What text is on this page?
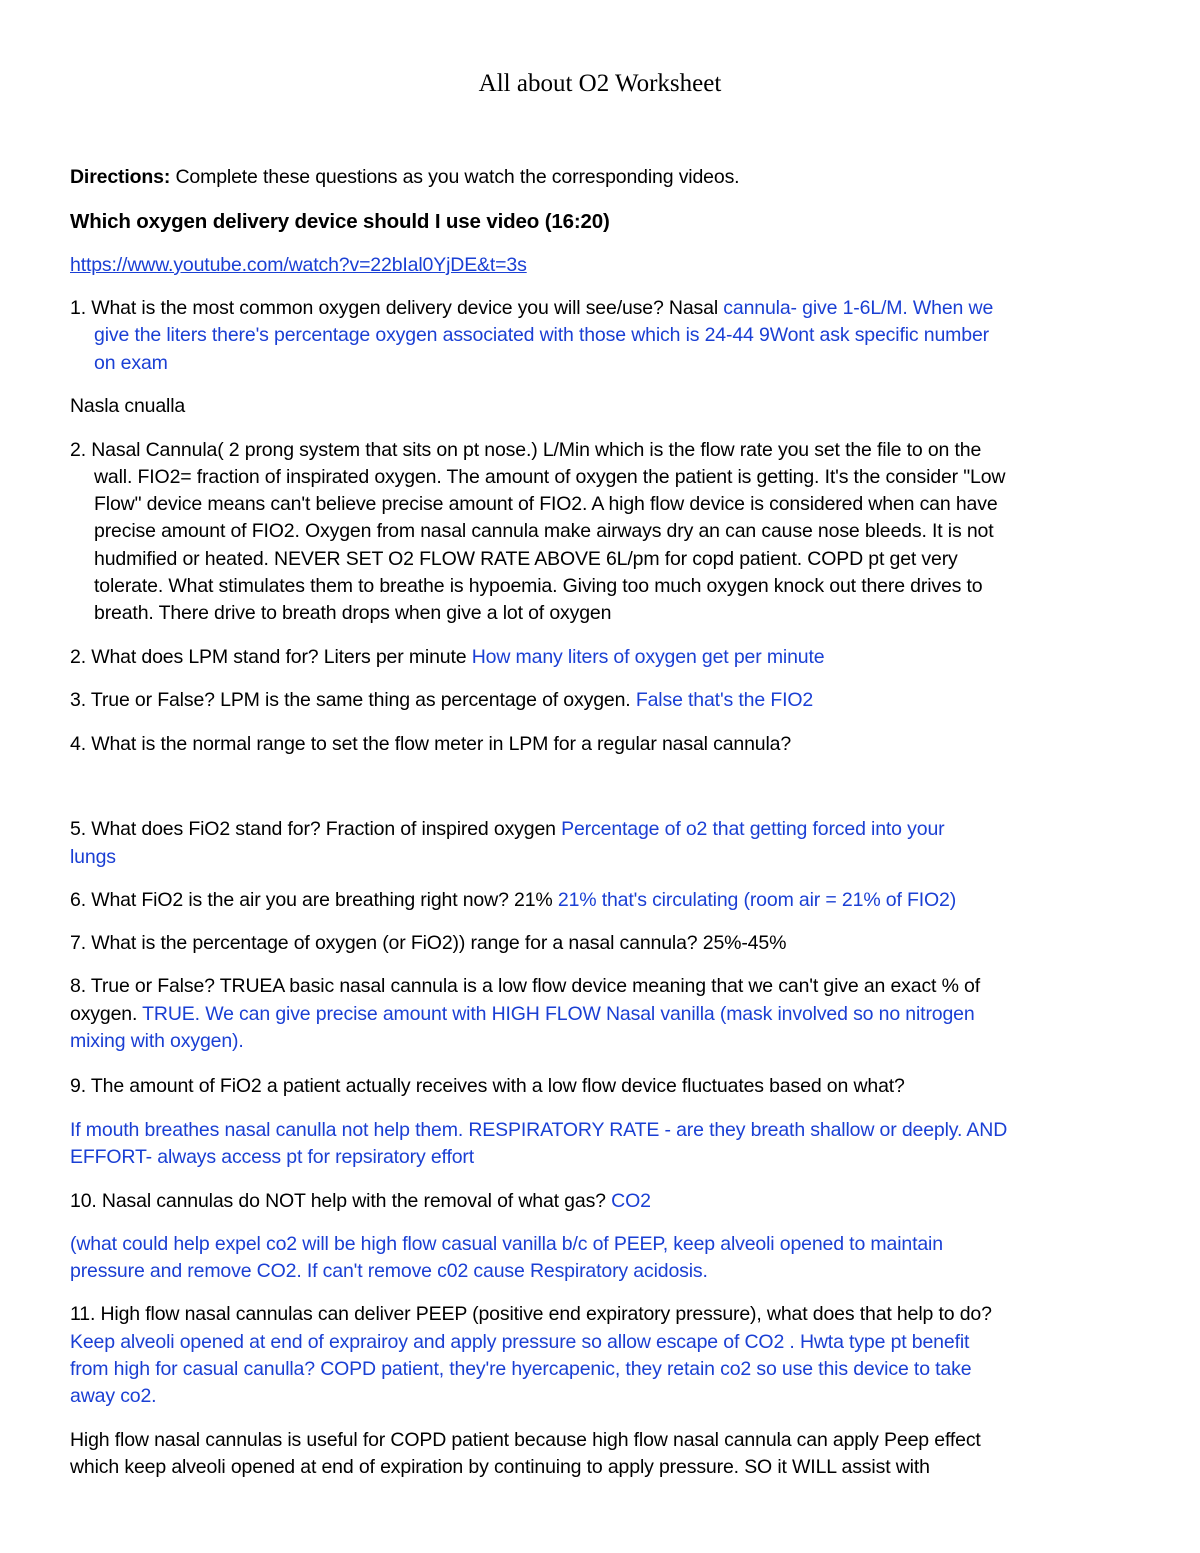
All about O2 Worksheet
Directions: Complete these questions as you watch the corresponding videos.
Which oxygen delivery device should I use video (16:20)
https://www.youtube.com/watch?v=22bIal0YjDE&t=3s
1. What is the most common oxygen delivery device you will see/use? Nasal cannula- give 1-6L/M. When we
give the liters there's percentage oxygen associated with those which is 24-44 9Wont ask specific number
on exam
Nasla cnualla
2. Nasal Cannula( 2 prong system that sits on pt nose.) L/Min which is the flow rate you set the file to on the
wall. FIO2= fraction of inspirated oxygen. The amount of oxygen the patient is getting. It's the consider "Low
Flow" device means can't believe precise amount of FIO2. A high flow device is considered when can have
precise amount of FIO2. Oxygen from nasal cannula make airways dry an can cause nose bleeds. It is not
hudmified or heated. NEVER SET O2 FLOW RATE ABOVE 6L/pm for copd patient. COPD pt get very
tolerate. What stimulates them to breathe is hypoemia. Giving too much oxygen knock out there drives to
breath. There drive to breath drops when give a lot of oxygen
2. What does LPM stand for? Liters per minute How many liters of oxygen get per minute
3. True or False? LPM is the same thing as percentage of oxygen. False that's the FIO2
4. What is the normal range to set the flow meter in LPM for a regular nasal cannula?
5. What does FiO2 stand for? Fraction of inspired oxygen Percentage of o2 that getting forced into your
lungs
6. What FiO2 is the air you are breathing right now? 21% 21% that's circulating (room air = 21% of FIO2)
7. What is the percentage of oxygen (or FiO2)) range for a nasal cannula? 25%-45%
8. True or False? TRUEA basic nasal cannula is a low flow device meaning that we can't give an exact % of
oxygen. TRUE. We can give precise amount with HIGH FLOW Nasal vanilla (mask involved so no nitrogen
mixing with oxygen).
9. The amount of FiO2 a patient actually receives with a low flow device fluctuates based on what?
If mouth breathes nasal canulla not help them. RESPIRATORY RATE - are they breath shallow or deeply. AND
EFFORT- always access pt for repsiratory effort
10. Nasal cannulas do NOT help with the removal of what gas? CO2
(what could help expel co2 will be high flow casual vanilla b/c of PEEP, keep alveoli opened to maintain
pressure and remove CO2. If can't remove c02 cause Respiratory acidosis.
11. High flow nasal cannulas can deliver PEEP (positive end expiratory pressure), what does that help to do?
Keep alveoli opened at end of exprairoy and apply pressure so allow escape of CO2 . Hwta type pt benefit
from high for casual canulla? COPD patient, they're hyercapenic, they retain co2 so use this device to take
away co2.
High flow nasal cannulas is useful for COPD patient because high flow nasal cannula can apply Peep effect
which keep alveoli opened at end of expiration by continuing to apply pressure. SO it WILL assist with
